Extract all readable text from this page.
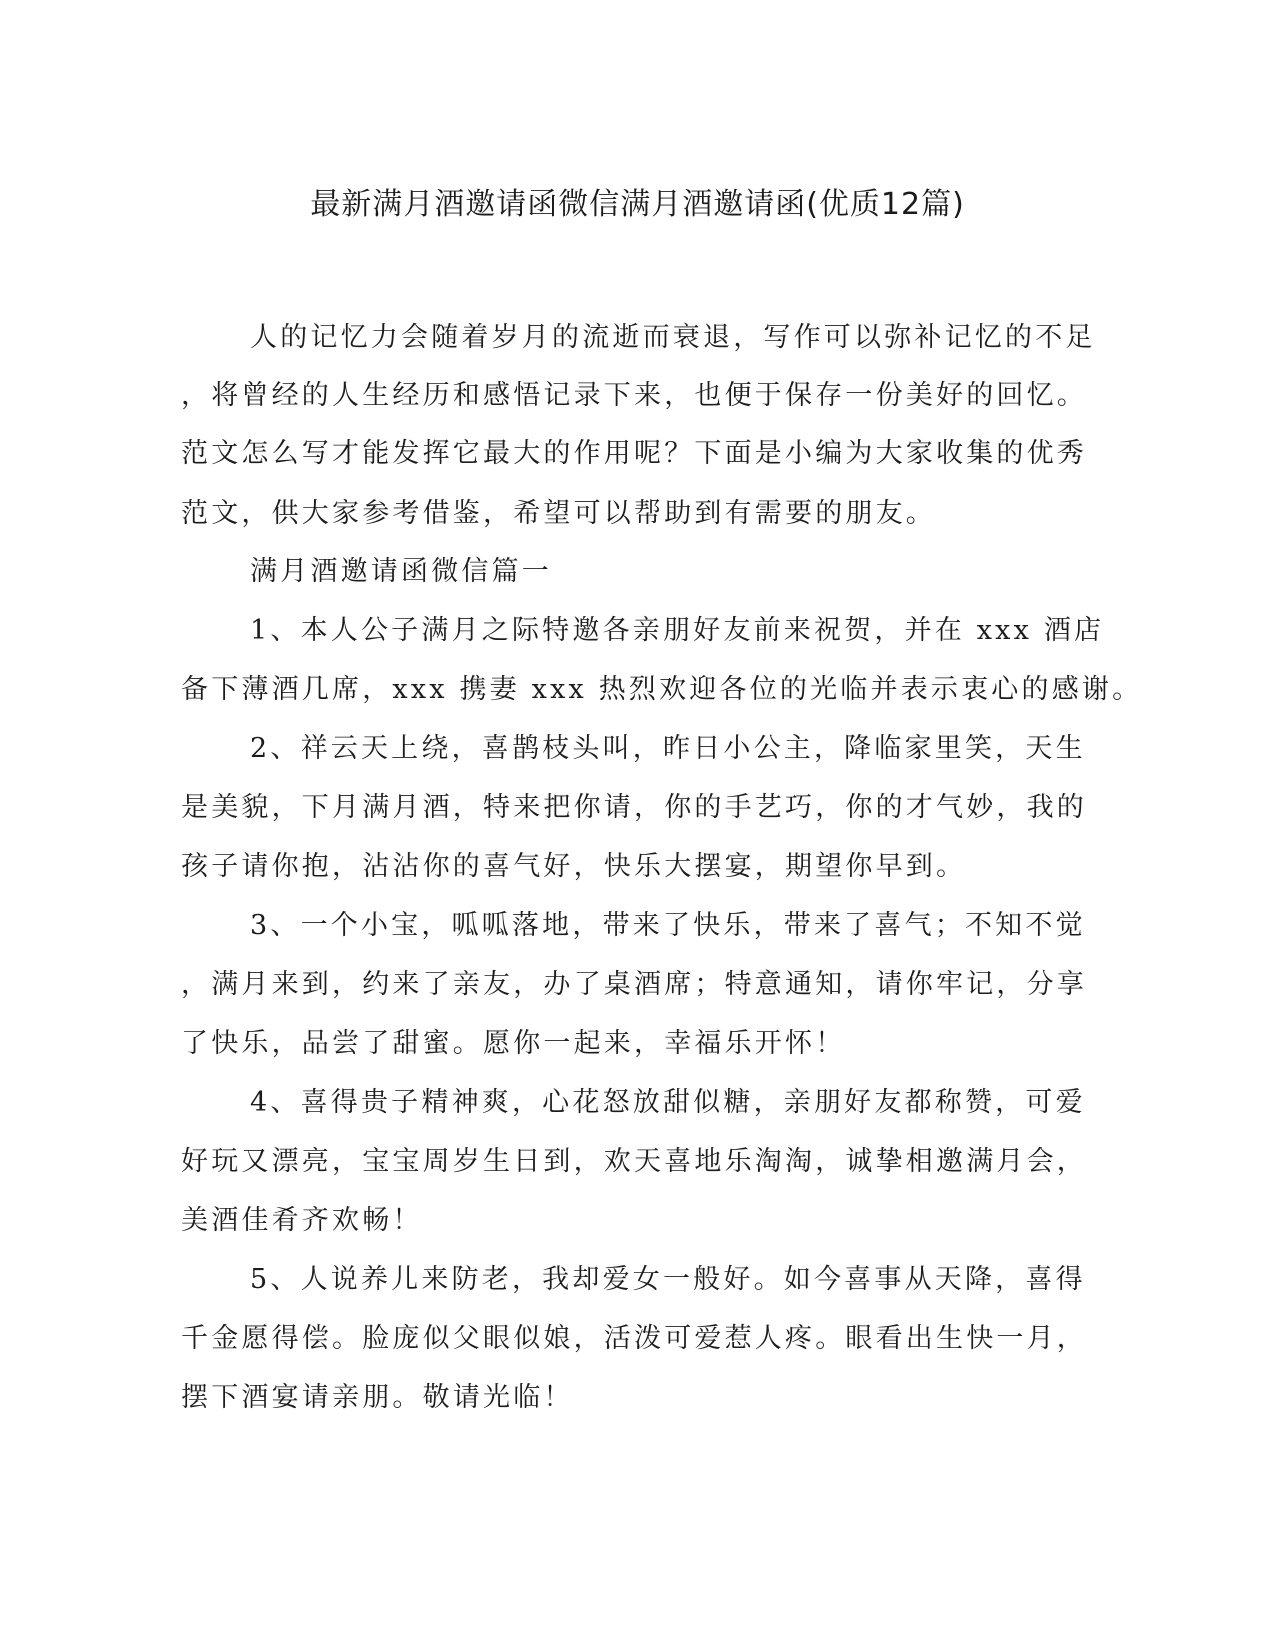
最新满月酒邀请函微信满月酒邀请函(优质12篇)
人的记忆力会随着岁月的流逝而衰退，写作可以弥补记忆的不足
，将曾经的人生经历和感悟记录下来，也便于保存一份美好的回忆。
范文怎么写才能发挥它最大的作用呢？下面是小编为大家收集的优秀
范文，供大家参考借鉴，希望可以帮助到有需要的朋友。
满月酒邀请函微信篇一
1、本人公子满月之际特邀各亲朋好友前来祝贺，并在 xxx 酒店
备下薄酒几席，xxx 携妻 xxx 热烈欢迎各位的光临并表示衷心的感谢。
2、祥云天上绕，喜鹊枝头叫，昨日小公主，降临家里笑，天生
是美貌，下月满月酒，特来把你请，你的手艺巧，你的才气妙，我的
孩子请你抱，沾沾你的喜气好，快乐大摆宴，期望你早到。
3、一个小宝，呱呱落地，带来了快乐，带来了喜气；不知不觉
，满月来到，约来了亲友，办了桌酒席；特意通知，请你牢记，分享
了快乐，品尝了甜蜜。愿你一起来，幸福乐开怀！
4、喜得贵子精神爽，心花怒放甜似糖，亲朋好友都称赞，可爱
好玩又漂亮，宝宝周岁生日到，欢天喜地乐淘淘，诚挚相邀满月会，
美酒佳肴齐欢畅！
5、人说养儿来防老，我却爱女一般好。如今喜事从天降，喜得
千金愿得偿。脸庞似父眼似娘，活泼可爱惹人疼。眼看出生快一月，
摆下酒宴请亲朋。敬请光临！
